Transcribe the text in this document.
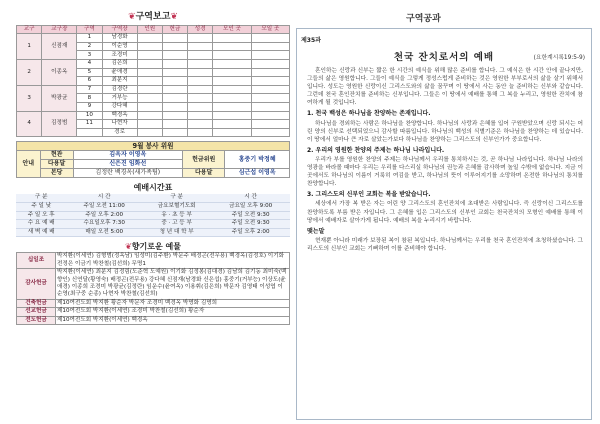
❦구역보고❦
교구	교구장	구역	구역장	인원	헌금	성경	모인 곳	모일 곳
1	신점재	1	남경화					
		2	이순영					
		3	조경미					
2	이종옥	4	김은희					
		5	윤애경					
		6	최분지					
3	박광균	7	김경란					
		8	거부능					
		9	강다혜					
4	김정범	10	백경옥					
		11	나현자					
			경로					
9월 봉사 위원				
안내	현관	김옥자 이영옥	헌금위원	홍중기 박정혜
	다용달	신은진 임화선		
	본당	김정란 백경옥(새가족팀)	다용달	심근섭 이영옥
예배시간표
구 분	시 간	구 분	시 간
주 일 낮	주일 오전 11:00	금요보혈기도회	금요일 오후 9:00
주 일 오 후	주일 오후 2:00	유 · 초 등 부	주일 오전 9:30
수 요 예 배	수요일오후 7:30	중 · 고 등 부	주일 오전 9:30
새 벽 예 배	매일 오전 5:00	청 년 대 학 부	주일 오후 2:00
❦향기로운 예물
십일조	박지환(이세연) 김형범(정옥남) 임성미(김주환) 박문주 배정곤(전무용) 백경옥(김정호) 이기화 전정은 이금기 박찬철(김선희) 무명1
감사헌금	박지환(이세연) 최분지 김정림(도준혁 도예원) 이기화 김정봉(김대경) 김남희 김기동 최미숙(백향인) 신연달(황영숙) 배정곤(전무용) 강다혜 신점재(남경화 신은섭) 홍중기(거부능) 이상도(윤애경) 이종희 조경미 박광균(김정란) 임운수(윤여옥) 이용휘(김은희) 박문자 김영태 이성엽 이순영(최구중 순종) 나현자 박찬철(김선희)
건축헌금	제10여전도회 박지환 황순자 박문자 조경미 백경옥 박명화 김명희
선교헌금	제10여전도회 박지환(이세연) 조경미 박찬철(김선희) 황순자
전도헌금	제10여전도회 박지환(이세연) 백경옥
구역공과
제35과
천국 잔치로서의 예배	(요한계시록19:5-9)

혼인하는 신랑과 신부는 짧은 한 시간의 예식을 위해 많은 준비를 합니다. 그 예식은 한 시간 안에 끝나지만, 그들의 삶은 영원합니다. 그들이 예식을 그렇게 정성스럽게 준비하는 것은 영원한 부부로서의 삶을 살기 위해서입니다. 성도는 영원한 신랑이신 그리스도와의 삶을 꿈꾸며 이 땅에서 사는 동안 늘 준비하는 신부와 같습니다. 그런데 천국 혼인잔치를 준비하는 신부입니다. 그들은 이 땅에서 예배를 통해 그 복을 누리고, 영원한 잔치에 참여하게 될 것입니다.

1. 천국 백성은 하나님을 찬양하는 존재입니다.

하나님을 경외하는 사람은 하나님을 찬양합니다. 하나님의 사랑과 은혜를 입어 구원받았으며 신랑 되시는 어린 양의 신부로 선택되었으니 감사할 따름입니다. 하나님의 백성의 식별기준은 하나님을 찬양하는 데 있습니다. 이 땅에서 얼마나 큰 자로 살았는가보다 하나님을 찬양하는 그리스도의 신부인가가 중요합니다.

2. 우리의 영원한 찬양의 주제는 하나님 나라입니다.

우리가 부를 영원한 찬양의 주제는 하나님께서 우리를 통치하시는 것, 곧 하나님 나라입니다. 하나님 나라의 영광을 바라볼 때마다 우리는 우리를 다스리실 하나님의 권능과 은혜를 감사하며 높일 수밖에 없습니다. 지금 이곳에서도 하나님의 이름이 거룩히 여김을 받고, 하나님의 뜻이 이루어지기를 소망하며 온전한 하나님의 통치를 찬양합니다.

3. 그리스도의 신부인 교회는 복을 받았습니다.

세상에서 가장 복 받은 자는 어린 양 그리스도의 혼인잔치에 초대받은 사람입니다. 즉 신랑이신 그리스도를 찬양하도록 부름 받은 자입니다. 그 은혜를 입은 그리스도의 신부인 교회는 천국잔치의 모형인 예배를 통해 이 땅에서 예배자로 살아가게 됩니다. 예배의 복을 누리시기 바랍니다.

맺는말

현재뿐 아니라 미래가 보장된 복이 참된 복입니다. 하나님께서는 우리를 천국 혼인잔치에 초청하셨습니다. 그리스도의 신부인 교회는 기뻐하며 이를 준비해야 합니다.
